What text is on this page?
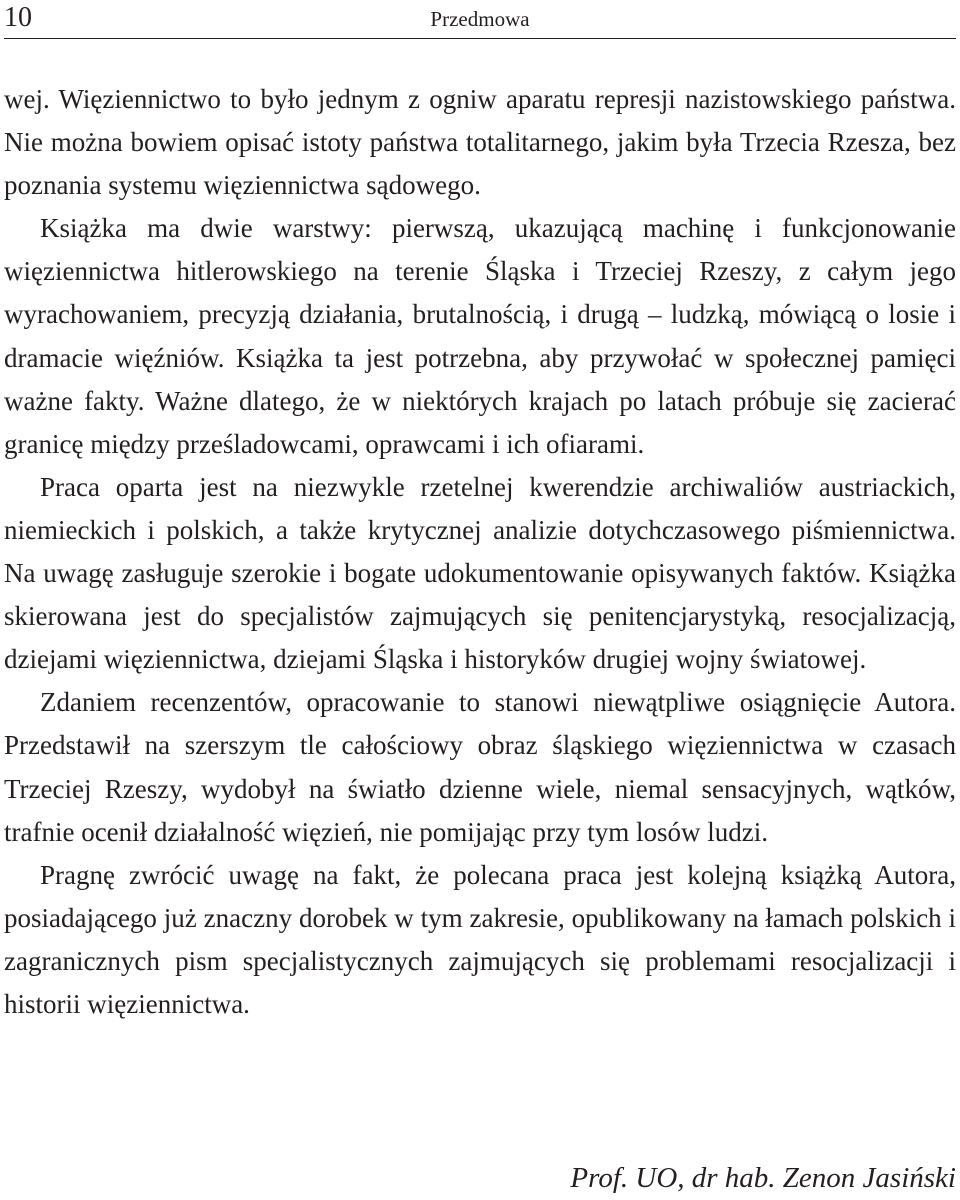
10	Przedmowa

wej. Więziennictwo to było jednym z ogniw aparatu represji nazistowskiego państwa. Nie można bowiem opisać istoty państwa totalitarnego, jakim była Trzecia Rzesza, bez poznania systemu więziennictwa sądowego.

Książka ma dwie warstwy: pierwszą, ukazującą machinę i funkcjonowanie więziennictwa hitlerowskiego na terenie Śląska i Trzeciej Rzeszy, z całym jego wyrachowaniem, precyzją działania, brutalnością, i drugą – ludzką, mówiącą o losie i dramacie więźniów. Książka ta jest potrzebna, aby przywołać w społecznej pamięci ważne fakty. Ważne dlatego, że w niektórych krajach po latach próbuje się zacierać granicę między prześladowcami, oprawcami i ich ofiarami.

Praca oparta jest na niezwykle rzetelnej kwerendzie archiwaliów austriackich, niemieckich i polskich, a także krytycznej analizie dotychczasowego piśmiennictwa. Na uwagę zasługuje szerokie i bogate udokumentowanie opisywanych faktów. Książka skierowana jest do specjalistów zajmujących się penitencjarystyką, resocjalizacją, dziejami więziennictwa, dziejami Śląska i historyków drugiej wojny światowej.

Zdaniem recenzentów, opracowanie to stanowi niewątpliwe osiągnięcie Autora. Przedstawił na szerszym tle całościowy obraz śląskiego więziennictwa w czasach Trzeciej Rzeszy, wydobył na światło dzienne wiele, niemal sensacyjnych, wątków, trafnie ocenił działalność więzień, nie pomijając przy tym losów ludzi.

Pragnę zwrócić uwagę na fakt, że polecana praca jest kolejną książką Autora, posiadającego już znaczny dorobek w tym zakresie, opublikowany na łamach polskich i zagranicznych pism specjalistycznych zajmujących się problemami resocjalizacji i historii więziennictwa.

Prof. UO, dr hab. Zenon Jasiński
